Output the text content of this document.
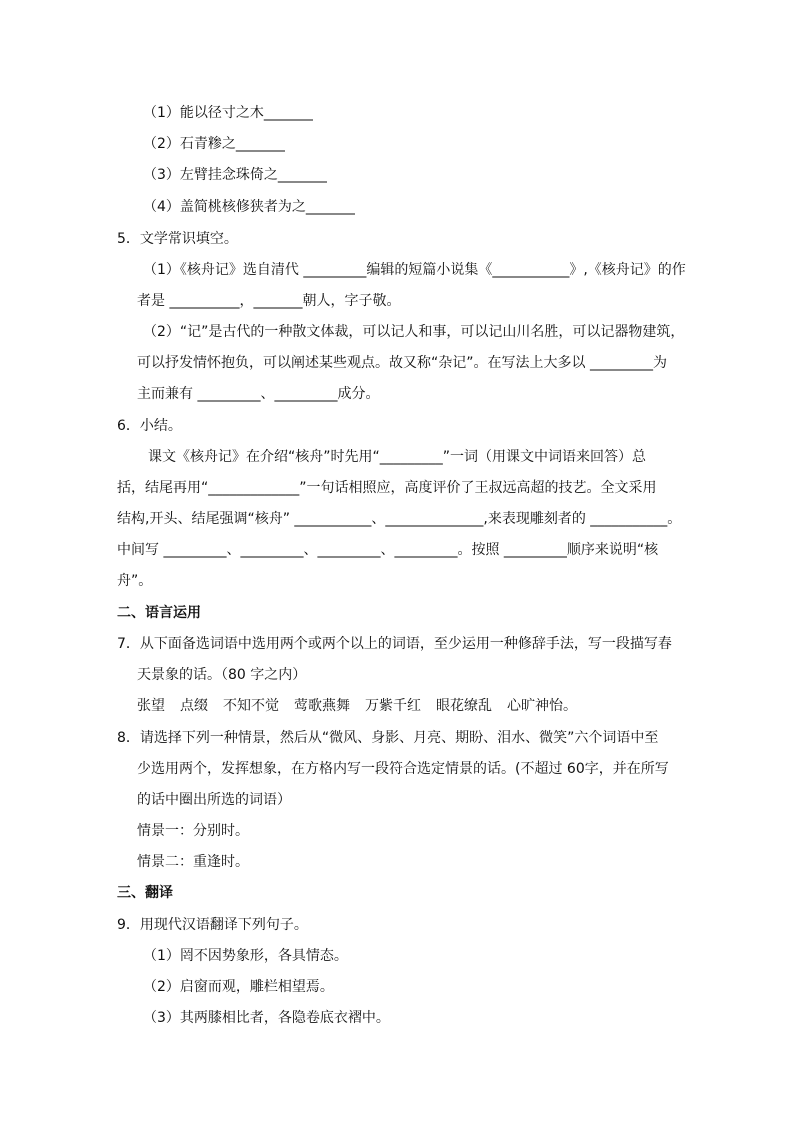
（1）能以径寸之木_______
（2）石青糁之_______
（3）左臂挂念珠倚之_______
（4）盖简桃核修狭者为之_______
5．文学常识填空。
（1）《核舟记》选自清代 _________编辑的短篇小说集《___________》,《核舟记》的作
者是 __________，_______朝人，字子敬。
（2）“记”是古代的一种散文体裁，可以记人和事，可以记山川名胜，可以记器物建筑，
可以抒发情怀抱负，可以阐述某些观点。故又称“杂记”。在写法上大多以 _________为
主而兼有 _________、_________成分。
6．小结。
课文《核舟记》在介绍“核舟”时先用“_________”一词（用课文中词语来回答）总
括，结尾再用“_____________”一句话相照应，高度评价了王叔远高超的技艺。全文采用
结构,开头、结尾强调“核舟” ___________、______________,来表现雕刻者的 ___________。
中间写 _________、_________、_________、_________。按照 _________顺序来说明“核
舟”。
二、语言运用
7．从下面备选词语中选用两个或两个以上的词语，至少运用一种修辞手法，写一段描写春
天景象的话。（80 字之内）
张望 点缀 不知不觉 莺歌燕舞 万紫千红 眼花缭乱 心旷神怡。
8．请选择下列一种情景，然后从“微风、身影、月亮、期盼、泪水、微笑”六个词语中至
少选用两个，发挥想象，在方格内写一段符合选定情景的话。(不超过 60字，并在所写
的话中圈出所选的词语）
情景一：分别时。
情景二：重逢时。
三、翻译
9．用现代汉语翻译下列句子。
（1）罔不因势象形，各具情态。
（2）启窗而观，雕栏相望焉。
（3）其两膝相比者，各隐卷底衣褶中。
